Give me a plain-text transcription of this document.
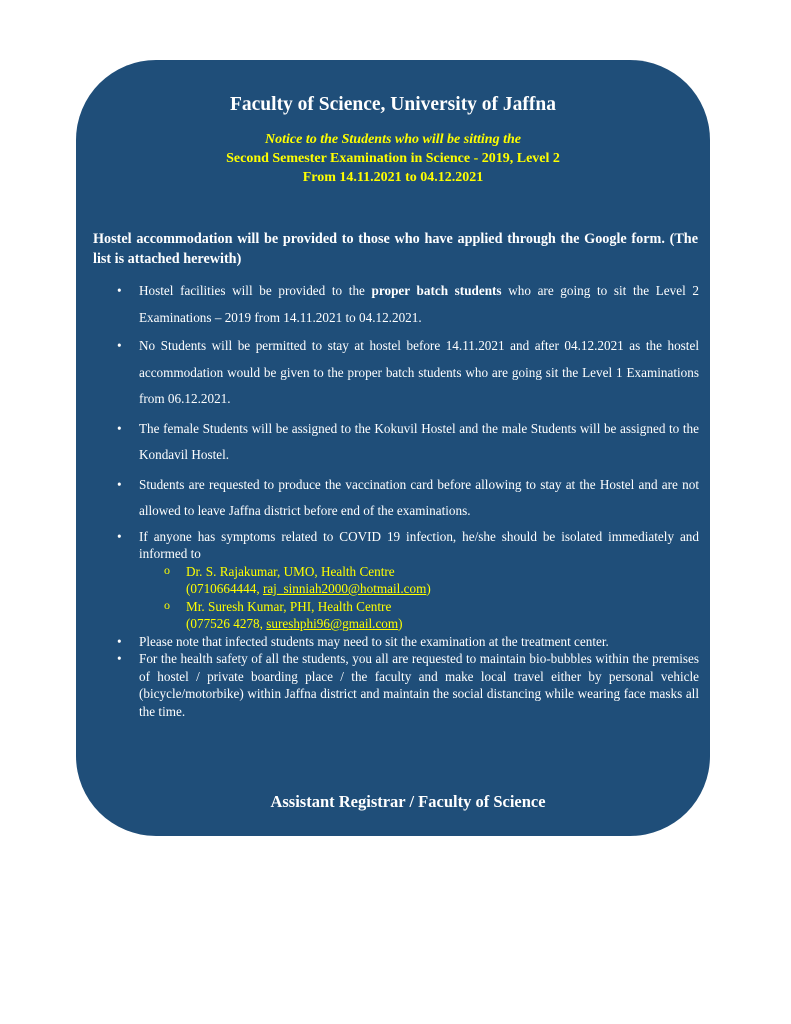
Faculty of Science, University of Jaffna

Notice to the Students who will be sitting the

Second Semester Examination in Science - 2019, Level 2

From 14.11.2021 to 04.12.2021

Hostel accommodation will be provided to those who have applied through the Google form. (The list is attached herewith)

• Hostel facilities will be provided to the proper batch students who are going to sit the Level 2 Examinations – 2019 from 14.11.2021 to 04.12.2021.
• No Students will be permitted to stay at hostel before 14.11.2021 and after 04.12.2021 as the hostel accommodation would be given to the proper batch students who are going sit the Level 1 Examinations from 06.12.2021.
• The female Students will be assigned to the Kokuvil Hostel and the male Students will be assigned to the Kondavil Hostel.
• Students are requested to produce the vaccination card before allowing to stay at the Hostel and are not allowed to leave Jaffna district before end of the examinations.
• If anyone has symptoms related to COVID 19 infection, he/she should be isolated immediately and informed to
o Dr. S. Rajakumar, UMO, Health Centre
(0710664444, raj_sinniah2000@hotmail.com)
o Mr. Suresh Kumar, PHI, Health Centre
(077526 4278, sureshphi96@gmail.com)
• Please note that infected students may need to sit the examination at the treatment center.
• For the health safety of all the students, you all are requested to maintain bio-bubbles within the premises of hostel / private boarding place / the faculty and make local travel either by personal vehicle (bicycle/motorbike) within Jaffna district and maintain the social distancing while wearing face masks all the time.

Assistant Registrar / Faculty of Science
